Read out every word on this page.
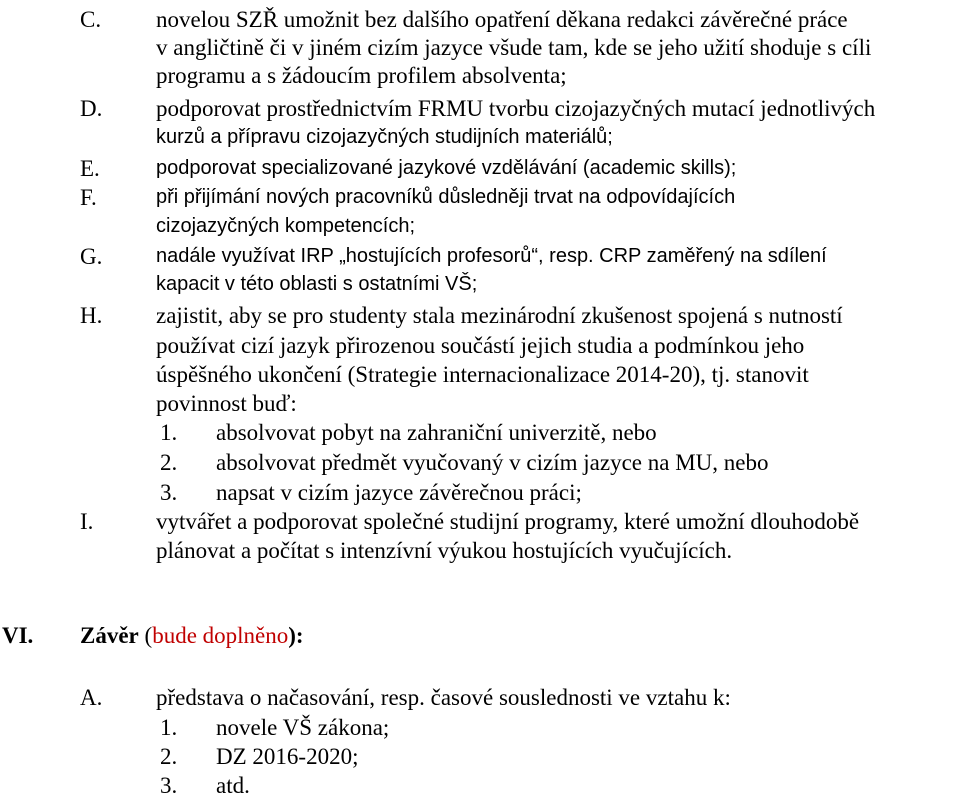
C. novelou SZŘ umožnit bez dalšího opatření děkana redakci závěrečné práce
v angličtině či v jiném cizím jazyce všude tam, kde se jeho užití shoduje s cíli
programu a s žádoucím profilem absolventa;
D. podporovat prostřednictvím FRMU tvorbu cizojazyčných mutací jednotlivých
kurzů a přípravu cizojazyčných studijních materiálů;
E.	podporovat specializované jazykové vzdělávání (academic skills);
F.	při přijímání nových pracovníků důsledněji trvat na odpovídajících
cizojazyčných kompetencích;
G.	nadále využívat IRP „hostujících profesorů“, resp. CRP zaměřený na sdílení
kapacit v této oblasti s ostatními VŠ;
H. zajistit, aby se pro studenty stala mezinárodní zkušenost spojená s nutností
používat cizí jazyk přirozenou součástí jejich studia a podmínkou jeho
úspěšného ukončení (Strategie internacionalizace 2014-20), tj. stanovit
povinnost buď:
1. absolvovat pobyt na zahraniční univerzitě, nebo
2. absolvovat předmět vyučovaný v cizím jazyce na MU, nebo
3. napsat v cizím jazyce závěrečnou práci;
I.	vytvářet a podporovat společné studijní programy, které umožní dlouhodobě
plánovat a počítat s intenzívní výukou hostujících vyučujících.
VI. Závěr (bude doplněno):
A. představa o načasování, resp. časové souslednosti ve vztahu k:
1. novele VŠ zákona;
2. DZ 2016-2020;
3. atd.
